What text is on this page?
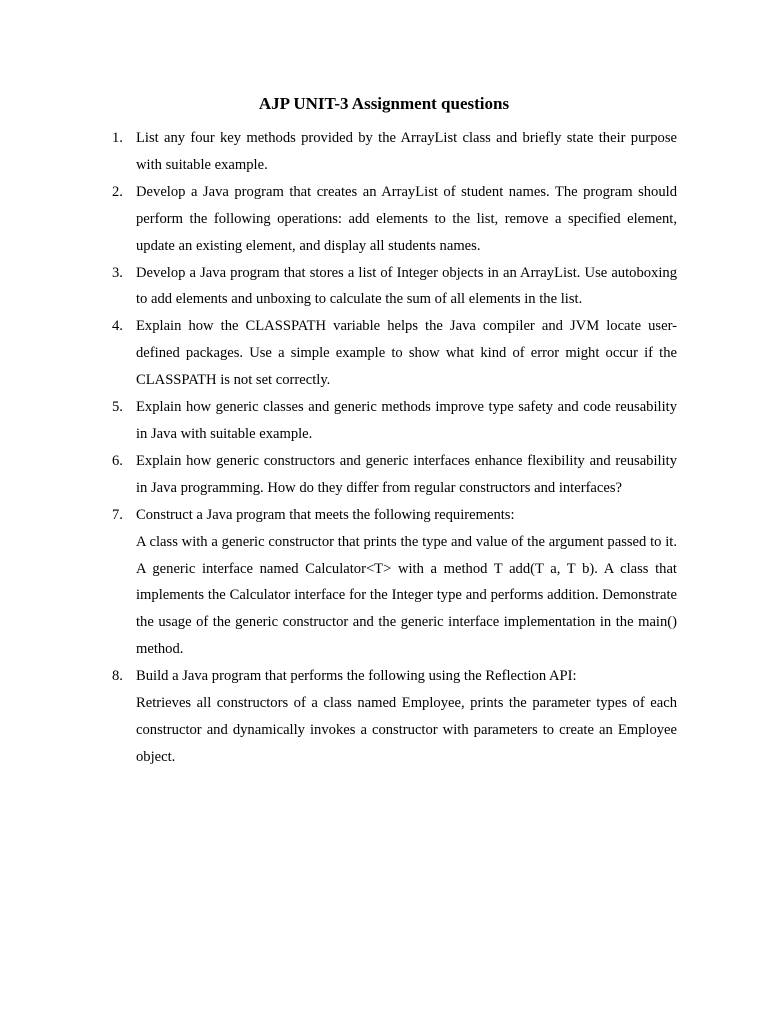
AJP UNIT-3 Assignment questions
1. List any four key methods provided by the ArrayList class and briefly state their purpose with suitable example.
2. Develop a Java program that creates an ArrayList of student names. The program should perform the following operations: add elements to the list, remove a specified element, update an existing element, and display all students names.
3. Develop a Java program that stores a list of Integer objects in an ArrayList. Use autoboxing to add elements and unboxing to calculate the sum of all elements in the list.
4. Explain how the CLASSPATH variable helps the Java compiler and JVM locate user-defined packages. Use a simple example to show what kind of error might occur if the CLASSPATH is not set correctly.
5. Explain how generic classes and generic methods improve type safety and code reusability in Java with suitable example.
6. Explain how generic constructors and generic interfaces enhance flexibility and reusability in Java programming. How do they differ from regular constructors and interfaces?
7. Construct a Java program that meets the following requirements:
A class with a generic constructor that prints the type and value of the argument passed to it. A generic interface named Calculator<T> with a method T add(T a, T b). A class that implements the Calculator interface for the Integer type and performs addition. Demonstrate the usage of the generic constructor and the generic interface implementation in the main() method.
8. Build a Java program that performs the following using the Reflection API:
Retrieves all constructors of a class named Employee, prints the parameter types of each constructor and dynamically invokes a constructor with parameters to create an Employee object.
